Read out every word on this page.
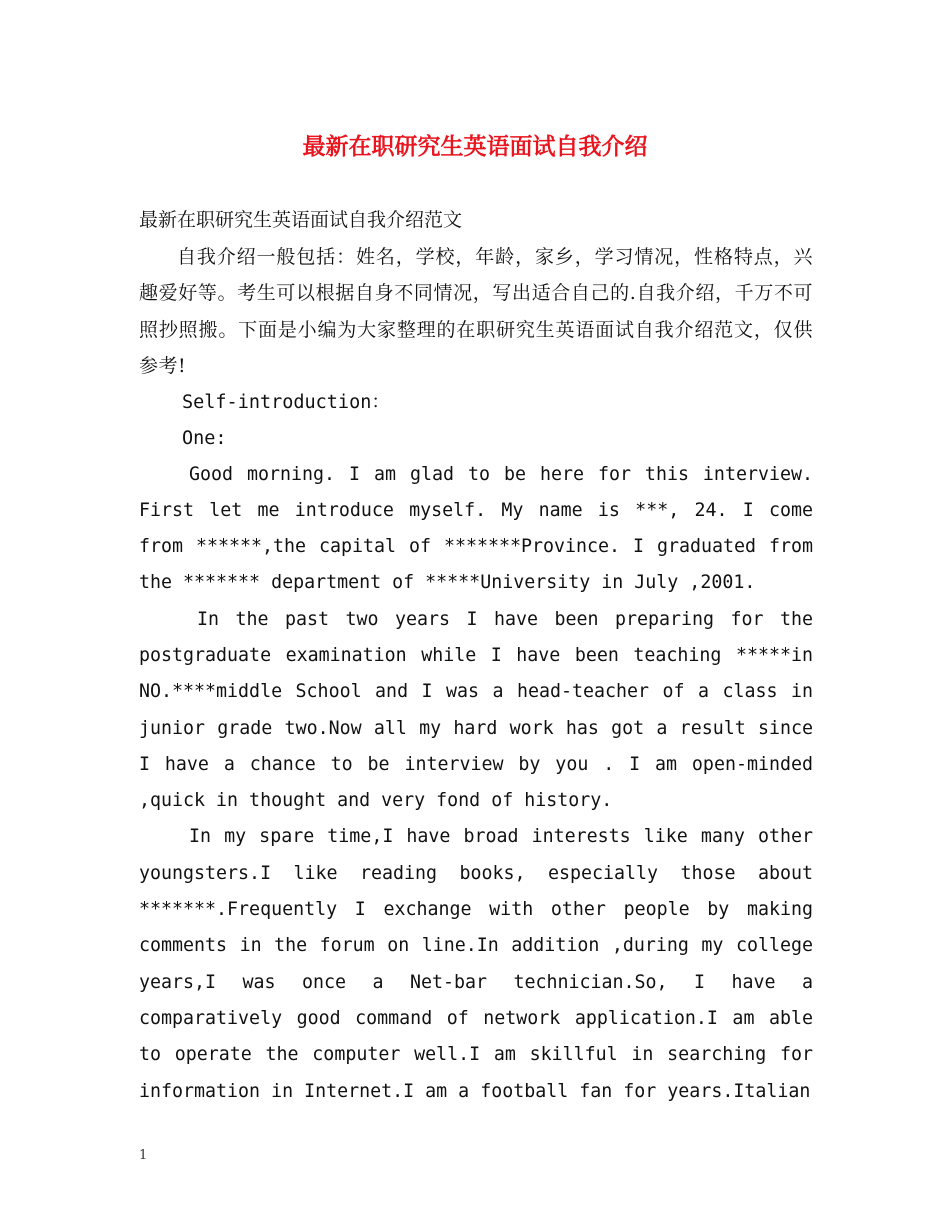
最新在职研究生英语面试自我介绍

最新在职研究生英语面试自我介绍范文

自我介绍一般包括：姓名，学校，年龄，家乡，学习情况，性格特点，兴趣爱好等。考生可以根据自身不同情况，写出适合自己的.自我介绍，千万不可照抄照搬。下面是小编为大家整理的在职研究生英语面试自我介绍范文，仅供参考!

Self-introduction：

One:

Good morning. I am glad to be here for this interview. First let me introduce myself. My name is ***, 24. I come from ******,the capital of *******Province. I graduated from the ******* department of *****University in July ,2001.

In the past two years I have been preparing for the postgraduate examination while I have been teaching *****in NO.****middle School and I was a head-teacher of a class in junior grade two.Now all my hard work has got a result since I have a chance to be interview by you . I am open-minded ,quick in thought and very fond of history.

In my spare time,I have broad interests like many other youngsters.I like reading books, especially those about *******.Frequently I exchange with other people by making comments in the forum on line.In addition ,during my college years,I was once a Net-bar technician.So, I have a comparatively good command of network application.I am able to operate the computer well.I am skillful in searching for information in Internet.I am a football fan for years.Italian

1
